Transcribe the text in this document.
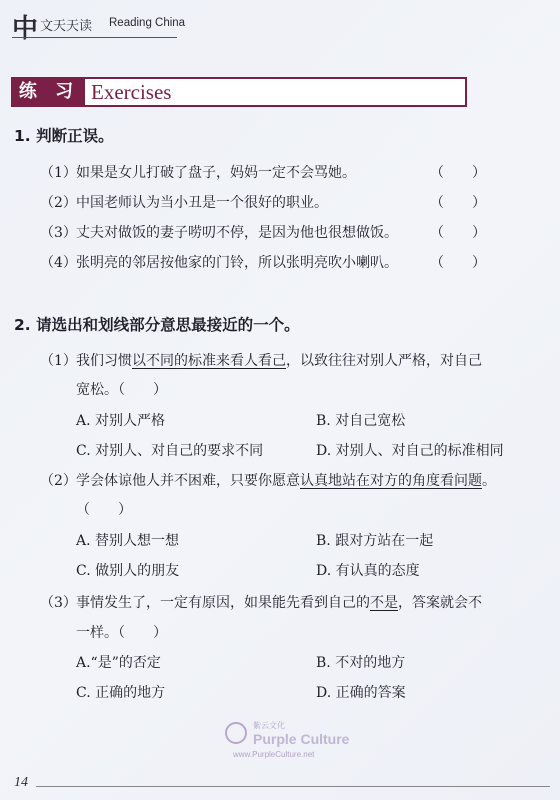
中 文天天读 Reading China
练 习 Exercises
1. 判断正误。
（1）如果是女儿打破了盘子，妈妈一定不会骂她。	（　　）
（2）中国老师认为当小丑是一个很好的职业。	（　　）
（3）丈夫对做饭的妻子唠叨不停，是因为他也很想做饭。 （　　）
（4）张明亮的邻居按他家的门铃，所以张明亮吹小喇叭。 （　　）
2. 请选出和划线部分意思最接近的一个。
（1）我们习惯以不同的标准来看人看己，以致往往对别人严格，对自己
宽松。（　　）
A. 对别人严格	B. 对自己宽松
C. 对别人、对自己的要求不同	D. 对别人、对自己的标准相同
（2）学会体谅他人并不困难，只要你愿意认真地站在对方的角度看问题。
（　　）
A. 替别人想一想	B. 跟对方站在一起
C. 做别人的朋友	D. 有认真的态度
（3）事情发生了，一定有原因，如果能先看到自己的不是，答案就会不
一样。（　　）
A.“是”的否定	B. 不对的地方
C. 正确的地方	D. 正确的答案
紫云文化
Purple Culture
www.PurpleCulture.net
14
